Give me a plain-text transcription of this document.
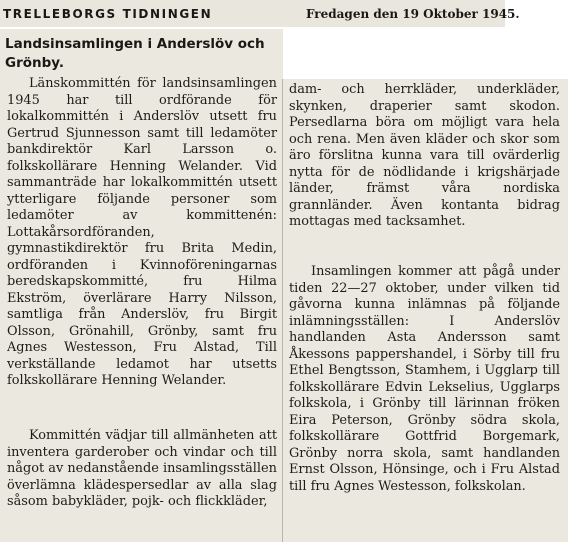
TRELLEBORGS TIDNINGEN	Fredagen den 19 Oktober 1945.
Landsinsamlingen i Anderslöv och Grönby.

Länskommittén för landsinsamlingen 1945 har till ordförande för lokalkommittén i Anderslöv utsett fru Gertrud Sjunnesson samt till ledamöter bankdirektör Karl Larsson o. folkskollärare Henning Welander. Vid sammanträde har lokalkommittén utsett ytterligare följande personer som ledamöter av kommittenén: Lottakårsordföranden, gymnastikdirektör fru Brita Medin, ordföranden i Kvinnoföreningarnas beredskapskommitté, fru Hilma Ekström, överlärare Harry Nilsson, samtliga från Anderslöv, fru Birgit Olsson, Grönahill, Grönby, samt fru Agnes Westesson, Fru Alstad, Till verkställande ledamot har utsetts folkskollärare Henning Welander.

Kommittén vädjar till allmänheten att inventera garderober och vindar och till något av nedanstående insamlingsställen överlämna klädespersedlar av alla slag såsom babykläder, pojk- och flickkläder,

dam- och herrkläder, underkläder, skynken, draperier samt skodon. Persedlarna böra om möjligt vara hela och rena. Men även kläder och skor som äro förslitna kunna vara till ovärderlig nytta för de nödlidande i krigshärjade länder, främst våra nordiska grannländer. Även kontanta bidrag mottagas med tacksamhet.

Insamlingen kommer att pågå under tiden 22—27 oktober, under vilken tid gåvorna kunna inlämnas på följande inlämningsställen: I Anderslöv handlanden Asta Andersson samt Åkessons pappershandel, i Sörby till fru Ethel Bengtsson, Stamhem, i Ugglarp till folkskollärare Edvin Lekselius, Ugglarps folkskola, i Grönby till lärinnan fröken Eira Peterson, Grönby södra skola, folkskollärare Gottfrid Borgemark, Grönby norra skola, samt handlanden Ernst Olsson, Hönsinge, och i Fru Alstad till fru Agnes Westesson, folkskolan.
